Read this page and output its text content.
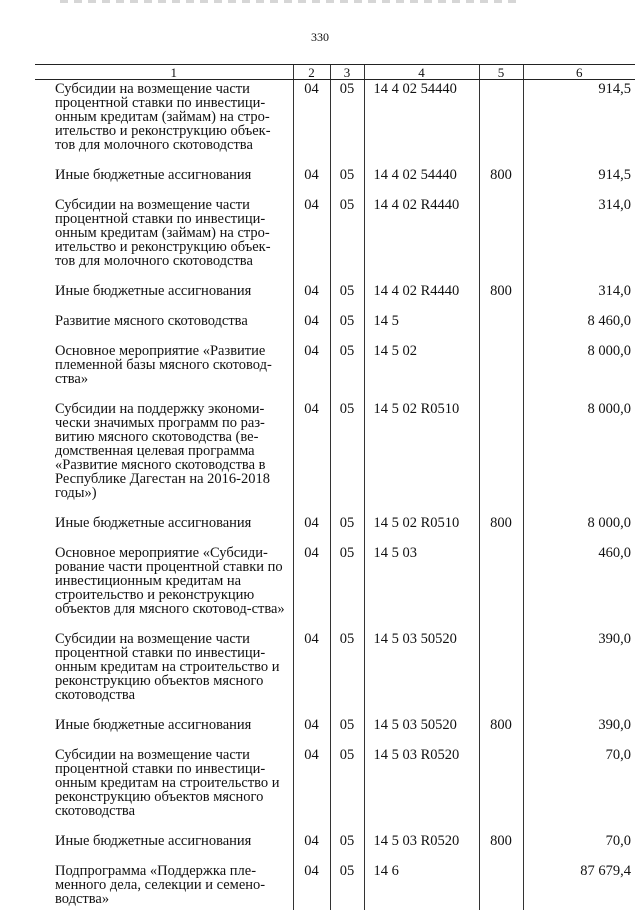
330
1	2	3	4	5	6
Субсидии на возмещение части процентной ставки по инвестици-онным кредитам (займам) на стро-ительство и реконструкцию объек-тов для молочного скотоводства	04	05	14 4 02 54440		914,5
Иные бюджетные ассигнования	04	05	14 4 02 54440	800	914,5
Субсидии на возмещение части процентной ставки по инвестици-онным кредитам (займам) на стро-ительство и реконструкцию объек-тов для молочного скотоводства	04	05	14 4 02 R4440		314,0
Иные бюджетные ассигнования	04	05	14 4 02 R4440	800	314,0
Развитие мясного скотоводства	04	05	14 5		8 460,0
Основное мероприятие «Развитие племенной базы мясного скотовод-ства»	04	05	14 5 02		8 000,0
Субсидии на поддержку экономи-чески значимых программ по раз-витию мясного скотоводства (ве-домственная целевая программа «Развитие мясного скотоводства в Республике Дагестан на 2016-2018 годы»)	04	05	14 5 02 R0510		8 000,0
Иные бюджетные ассигнования	04	05	14 5 02 R0510	800	8 000,0
Основное мероприятие «Субсиди-рование части процентной ставки по инвестиционным кредитам на строительство и реконструкцию объектов для мясного скотовод-ства»	04	05	14 5 03		460,0
Субсидии на возмещение части процентной ставки по инвестици-онным кредитам на строительство и реконструкцию объектов мясного скотоводства	04	05	14 5 03 50520		390,0
Иные бюджетные ассигнования	04	05	14 5 03 50520	800	390,0
Субсидии на возмещение части процентной ставки по инвестици-онным кредитам на строительство и реконструкцию объектов мясного скотоводства	04	05	14 5 03 R0520		70,0
Иные бюджетные ассигнования	04	05	14 5 03 R0520	800	70,0
Подпрограмма «Поддержка пле-менного дела, селекции и семено-водства»	04	05	14 6		87 679,4
